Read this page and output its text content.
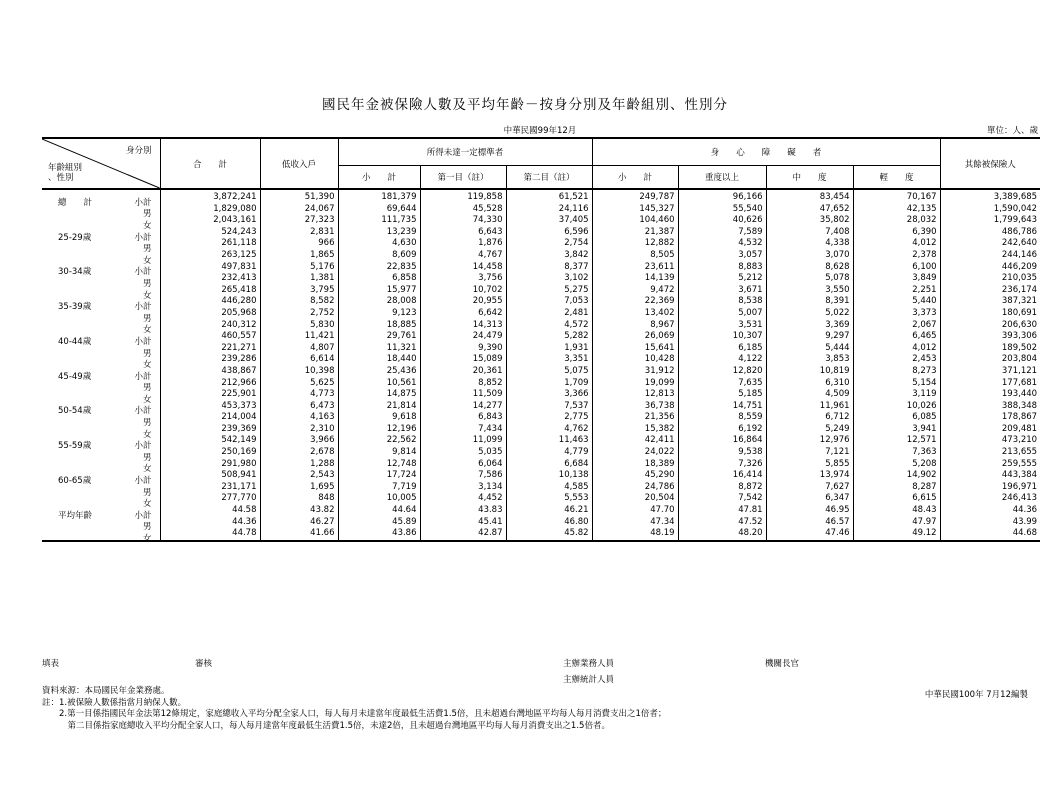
國民年金被保險人數及平均年齡－按身分別及年齡組別、性別分
中華民國99年12月	單位：人、歲
身分別
年齡組別
、性別	合　　計	低收入戶	所得未達一定標準者			身　　心　　障　　礙　　者				其餘被保險人
			小　　計	第一目（註）	第二目（註）	小　　計	重度以上	中　　度	輕　　度	

總　　計 小計	3,872,241	51,390	181,379	119,858	61,521	249,787	96,166	83,454	70,167	3,389,685

男	1,829,080	24,067	69,644	45,528	24,116	145,327	55,540	47,652	42,135	1,590,042

女	2,043,161	27,323	111,735	74,330	37,405	104,460	40,626	35,802	28,032	1,799,643

25-29歲 小計	524,243	2,831	13,239	6,643	6,596	21,387	7,589	7,408	6,390	486,786

男	261,118	966	4,630	1,876	2,754	12,882	4,532	4,338	4,012	242,640

女	263,125	1,865	8,609	4,767	3,842	8,505	3,057	3,070	2,378	244,146

30-34歲 小計	497,831	5,176	22,835	14,458	8,377	23,611	8,883	8,628	6,100	446,209

男	232,413	1,381	6,858	3,756	3,102	14,139	5,212	5,078	3,849	210,035

女	265,418	3,795	15,977	10,702	5,275	9,472	3,671	3,550	2,251	236,174

35-39歲 小計	446,280	8,582	28,008	20,955	7,053	22,369	8,538	8,391	5,440	387,321

男	205,968	2,752	9,123	6,642	2,481	13,402	5,007	5,022	3,373	180,691

女	240,312	5,830	18,885	14,313	4,572	8,967	3,531	3,369	2,067	206,630

40-44歲 小計	460,557	11,421	29,761	24,479	5,282	26,069	10,307	9,297	6,465	393,306

男	221,271	4,807	11,321	9,390	1,931	15,641	6,185	5,444	4,012	189,502

女	239,286	6,614	18,440	15,089	3,351	10,428	4,122	3,853	2,453	203,804

45-49歲 小計	438,867	10,398	25,436	20,361	5,075	31,912	12,820	10,819	8,273	371,121

男	212,966	5,625	10,561	8,852	1,709	19,099	7,635	6,310	5,154	177,681

女	225,901	4,773	14,875	11,509	3,366	12,813	5,185	4,509	3,119	193,440

50-54歲 小計	453,373	6,473	21,814	14,277	7,537	36,738	14,751	11,961	10,026	388,348

男	214,004	4,163	9,618	6,843	2,775	21,356	8,559	6,712	6,085	178,867

女	239,369	2,310	12,196	7,434	4,762	15,382	6,192	5,249	3,941	209,481

55-59歲 小計	542,149	3,966	22,562	11,099	11,463	42,411	16,864	12,976	12,571	473,210

男	250,169	2,678	9,814	5,035	4,779	24,022	9,538	7,121	7,363	213,655

女	291,980	1,288	12,748	6,064	6,684	18,389	7,326	5,855	5,208	259,555

60-65歲 小計	508,941	2,543	17,724	7,586	10,138	45,290	16,414	13,974	14,902	443,384

男	231,171	1,695	7,719	3,134	4,585	24,786	8,872	7,627	8,287	196,971

女	277,770	848	10,005	4,452	5,553	20,504	7,542	6,347	6,615	246,413

平均年齡 小計	44.58	43.82	44.64	43.83	46.21	47.70	47.81	46.95	48.43	44.36

男	44.36	46.27	45.89	45.41	46.80	47.34	47.52	46.57	47.97	43.99

女	44.78	41.66	43.86	42.87	45.82	48.19	48.20	47.46	49.12	44.68
填表	審核	主辦業務人員	機關長官
主辦統計人員
中華民國100年 7月12編製
資料來源：本局國民年金業務處。
註：1.被保險人數係指當月納保人數。
　　2.第一目係指國民年金法第12條規定，家庭總收入平均分配全家人口，每人每月未達當年度最低生活費1.5倍，且未超過台灣地區平均每人每月消費支出之1倍者；
　　　第二目係指家庭總收入平均分配全家人口，每人每月達當年度最低生活費1.5倍，未達2倍，且未超過台灣地區平均每人每月消費支出之1.5倍者。
